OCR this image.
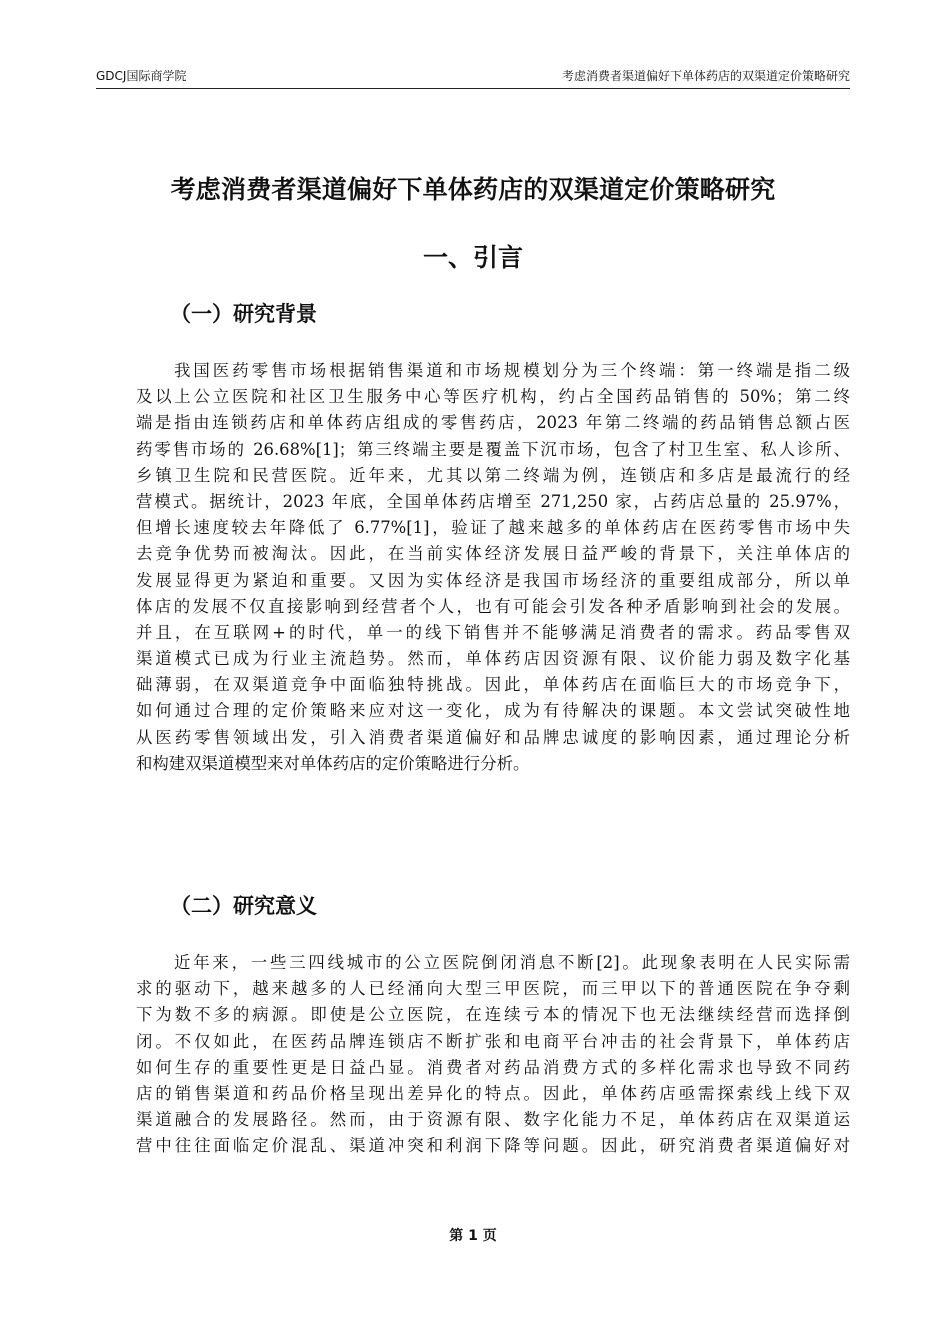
GDCJ国际商学院	考虑消费者渠道偏好下单体药店的双渠道定价策略研究
考虑消费者渠道偏好下单体药店的双渠道定价策略研究
一、引言
（一）研究背景
我国医药零售市场根据销售渠道和市场规模划分为三个终端：第一终端是指二级
及以上公立医院和社区卫生服务中心等医疗机构，约占全国药品销售的 50%；第二终
端是指由连锁药店和单体药店组成的零售药店，2023 年第二终端的药品销售总额占医
药零售市场的 26.68%[1]；第三终端主要是覆盖下沉市场，包含了村卫生室、私人诊所、
乡镇卫生院和民营医院。近年来，尤其以第二终端为例，连锁店和多店是最流行的经
营模式。据统计，2023 年底，全国单体药店增至 271,250 家，占药店总量的 25.97%，
但增长速度较去年降低了 6.77%[1]，验证了越来越多的单体药店在医药零售市场中失
去竞争优势而被淘汰。因此，在当前实体经济发展日益严峻的背景下，关注单体店的
发展显得更为紧迫和重要。又因为实体经济是我国市场经济的重要组成部分，所以单
体店的发展不仅直接影响到经营者个人，也有可能会引发各种矛盾影响到社会的发展。
并且，在互联网+的时代，单一的线下销售并不能够满足消费者的需求。药品零售双
渠道模式已成为行业主流趋势。然而，单体药店因资源有限、议价能力弱及数字化基
础薄弱，在双渠道竞争中面临独特挑战。因此，单体药店在面临巨大的市场竞争下，
如何通过合理的定价策略来应对这一变化，成为有待解决的课题。本文尝试突破性地
从医药零售领域出发，引入消费者渠道偏好和品牌忠诚度的影响因素，通过理论分析
和构建双渠道模型来对单体药店的定价策略进行分析。
（二）研究意义
近年来，一些三四线城市的公立医院倒闭消息不断[2]。此现象表明在人民实际需
求的驱动下，越来越多的人已经涌向大型三甲医院，而三甲以下的普通医院在争夺剩
下为数不多的病源。即使是公立医院，在连续亏本的情况下也无法继续经营而选择倒
闭。不仅如此，在医药品牌连锁店不断扩张和电商平台冲击的社会背景下，单体药店
如何生存的重要性更是日益凸显。消费者对药品消费方式的多样化需求也导致不同药
店的销售渠道和药品价格呈现出差异化的特点。因此，单体药店亟需探索线上线下双
渠道融合的发展路径。然而，由于资源有限、数字化能力不足，单体药店在双渠道运
营中往往面临定价混乱、渠道冲突和利润下降等问题。因此，研究消费者渠道偏好对
第 1 页
